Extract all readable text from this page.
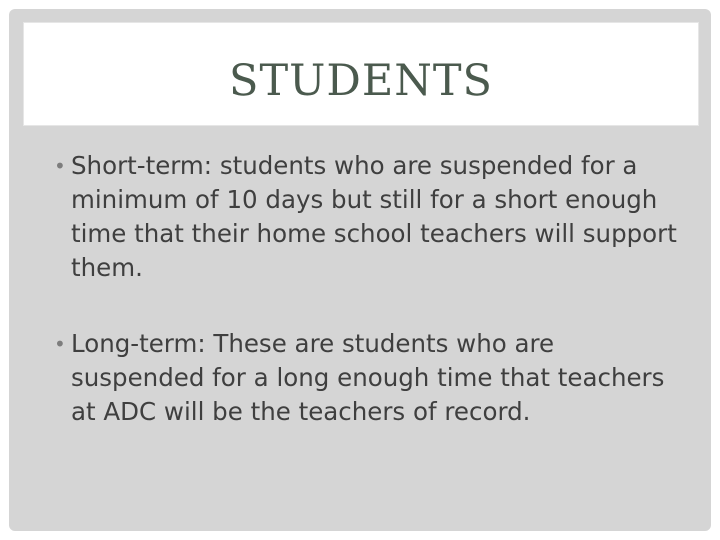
STUDENTS
• Short-term: students who are suspended for a minimum of 10 days but still for a short enough time that their home school teachers will support them.
• Long-term: These are students who are suspended for a long enough time that teachers at ADC will be the teachers of record.
